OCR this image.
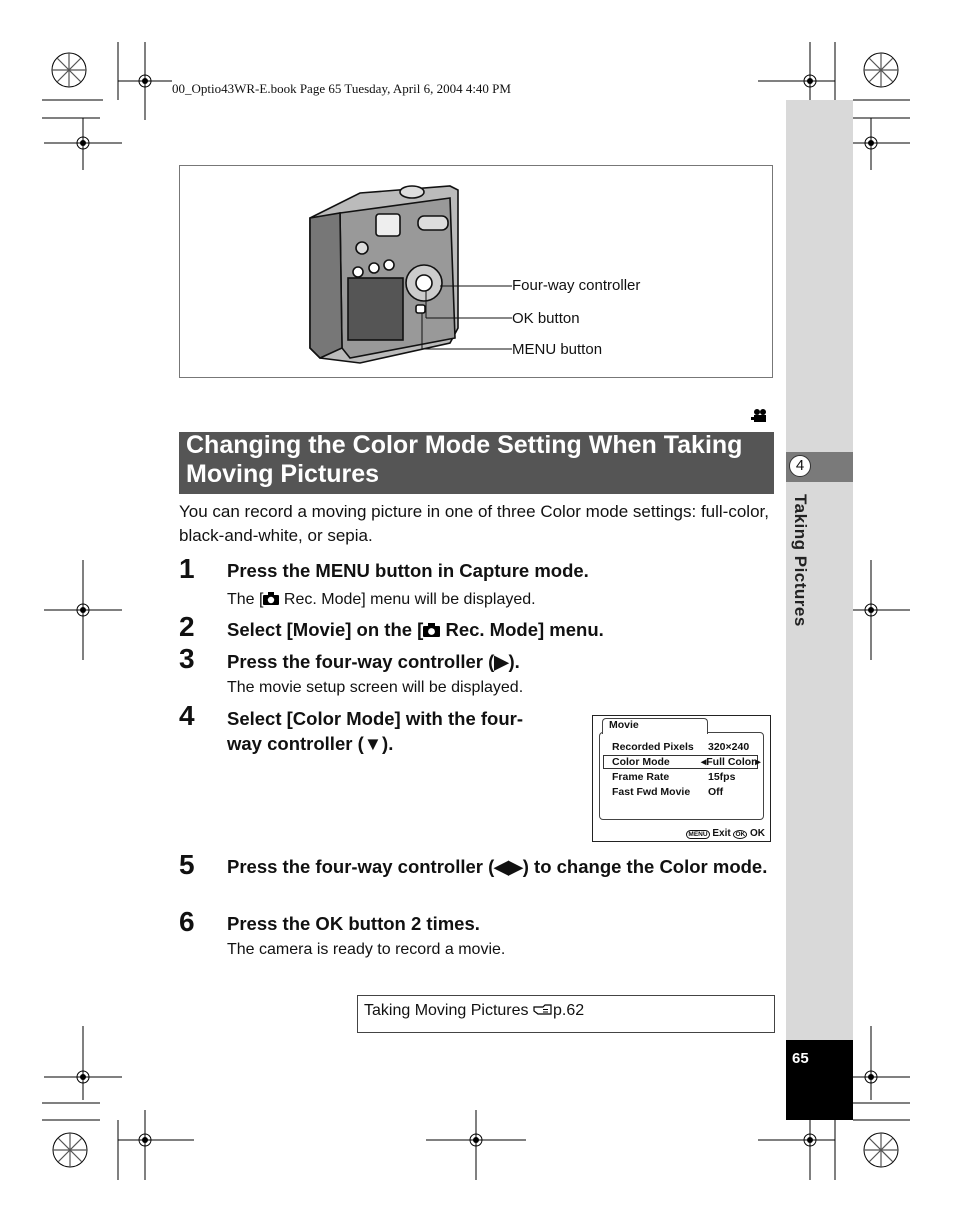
00_Optio43WR-E.book Page 65 Tuesday, April 6, 2004 4:40 PM
4
Taking Pictures
65
Four-way controller
OK button
MENU button
Changing the Color Mode Setting When Taking Moving Pictures
You can record a moving picture in one of three Color mode settings: full-color, black-and-white, or sepia.
1 Press the MENU button in Capture mode.
The [ Rec. Mode] menu will be displayed.
2 Select [Movie] on the [ Rec. Mode] menu.
3 Press the four-way controller (▶).
The movie setup screen will be displayed.
4 Select [Color Mode] with the four-
way controller (▼).	Recorded Pixels 320×240
Color Mode	◂Full Color▸
Frame Rate	15fps
Fast Fwd Movie Off
Movie
MENU Exit OK OK
5 Press the four-way controller (◀▶) to change the Color mode.
6 Press the OK button 2 times.
The camera is ready to record a movie.
Taking Moving Pictures p.62
